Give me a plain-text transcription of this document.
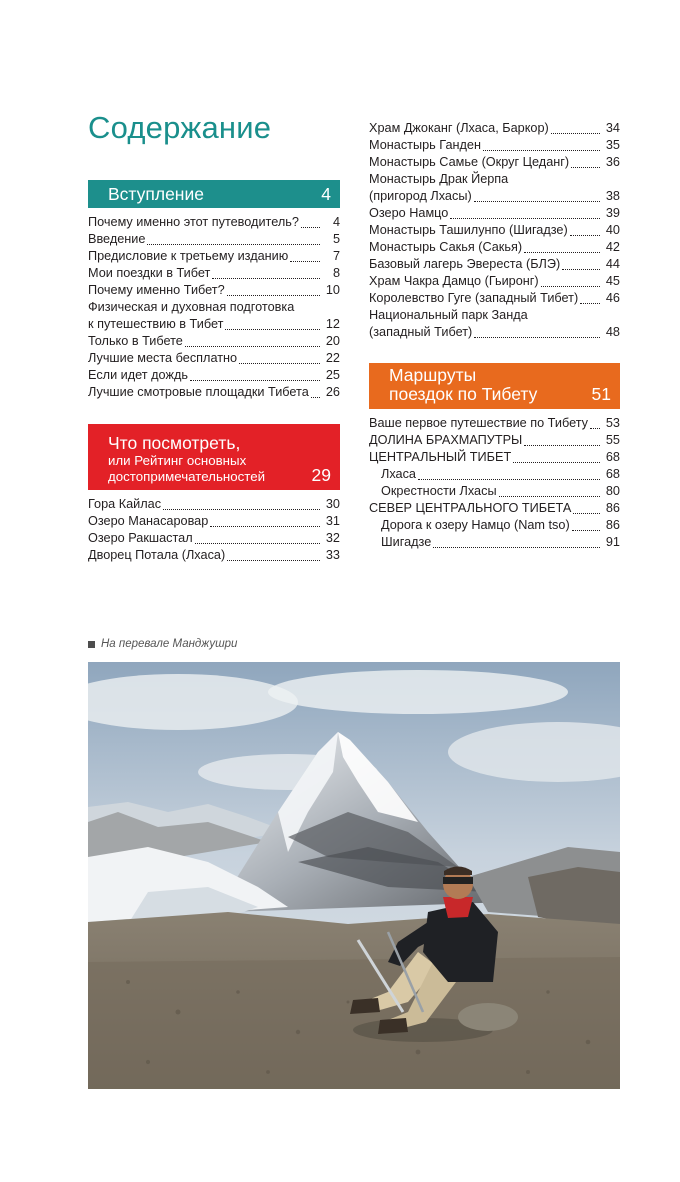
Содержание
Вступление	4
Почему именно этот путеводитель?	4
Введение	5
Предисловие к третьему изданию	7
Мои поездки в Тибет	8
Почему именно Тибет?	10
Физическая и духовная подготовка
к путешествию в Тибет	12
Только в Тибете	20
Лучшие места бесплатно	22
Если идет дождь	25
Лучшие смотровые площадки Тибета 26
Что посмотреть,
или Рейтинг основных
достопримечательностей	29
Гора Кайлас	30
Озеро Манасаровар	31
Озеро Ракшастал	32
Дворец Потала (Лхаса)	33
Храм Джоканг (Лхаса, Баркор)	34
Монастырь Ганден	35
Монастырь Самье (Округ Цеданг)	36
Монастырь Драк Йерпа
(пригород Лхасы)	38
Озеро Намцо	39
Монастырь Ташилунпо (Шигадзе)	40
Монастырь Сакья (Сакья)	42
Базовый лагерь Эвереста (БЛЭ)	44
Храм Чакра Дамцо (Гьиронг)	45
Королевство Гуге (западный Тибет) 46
Национальный парк Занда
(западный Тибет)	48
Маршруты
поездок по Тибету	51
Ваше первое путешествие по Тибету 53
ДОЛИНА БРАХМАПУТРЫ	55
ЦЕНТРАЛЬНЫЙ ТИБЕТ	68
Лхаса	68
Окрестности Лхасы	80
СЕВЕР ЦЕНТРАЛЬНОГО ТИБЕТА	86
Дорога к озеру Намцо (Nam tso)	86
Шигадзе	91
На перевале Манджушри
